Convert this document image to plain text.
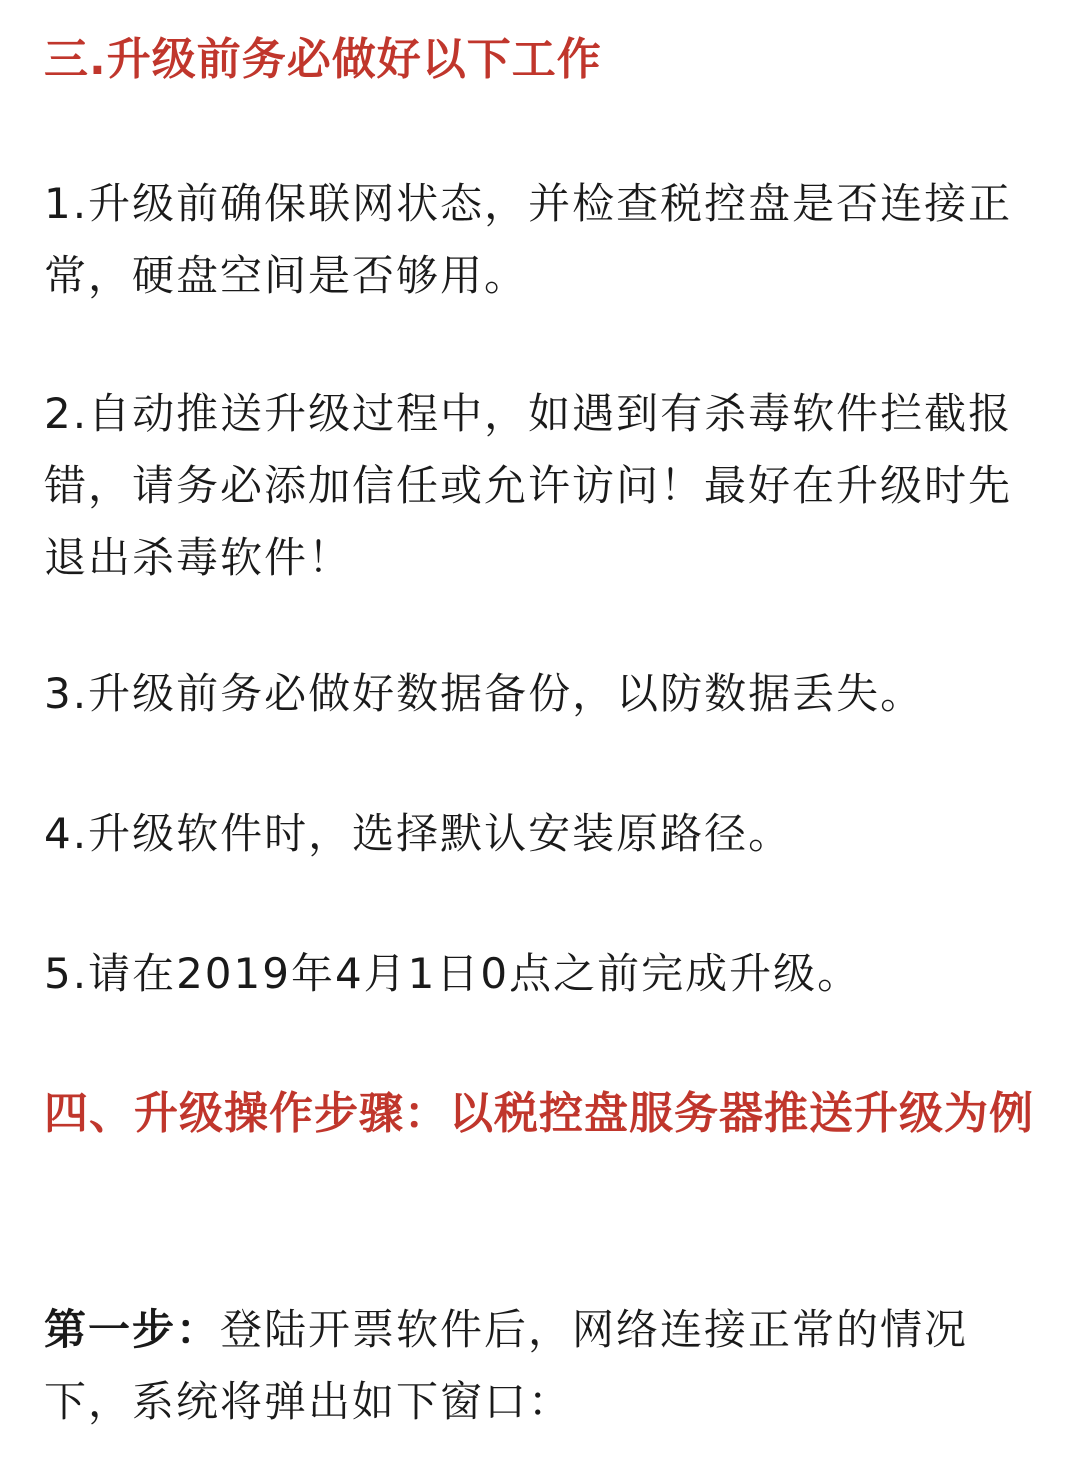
三.升级前务必做好以下工作

1.升级前确保联网状态，并检查税控盘是否连接正常，硬盘空间是否够用。

2.自动推送升级过程中，如遇到有杀毒软件拦截报错，请务必添加信任或允许访问！最好在升级时先退出杀毒软件！

3.升级前务必做好数据备份，以防数据丢失。

4.升级软件时，选择默认安装原路径。

5.请在2019年4月1日0点之前完成升级。

四、升级操作步骤：以税控盘服务器推送升级为例

第一步：登陆开票软件后，网络连接正常的情况下，系统将弹出如下窗口：
